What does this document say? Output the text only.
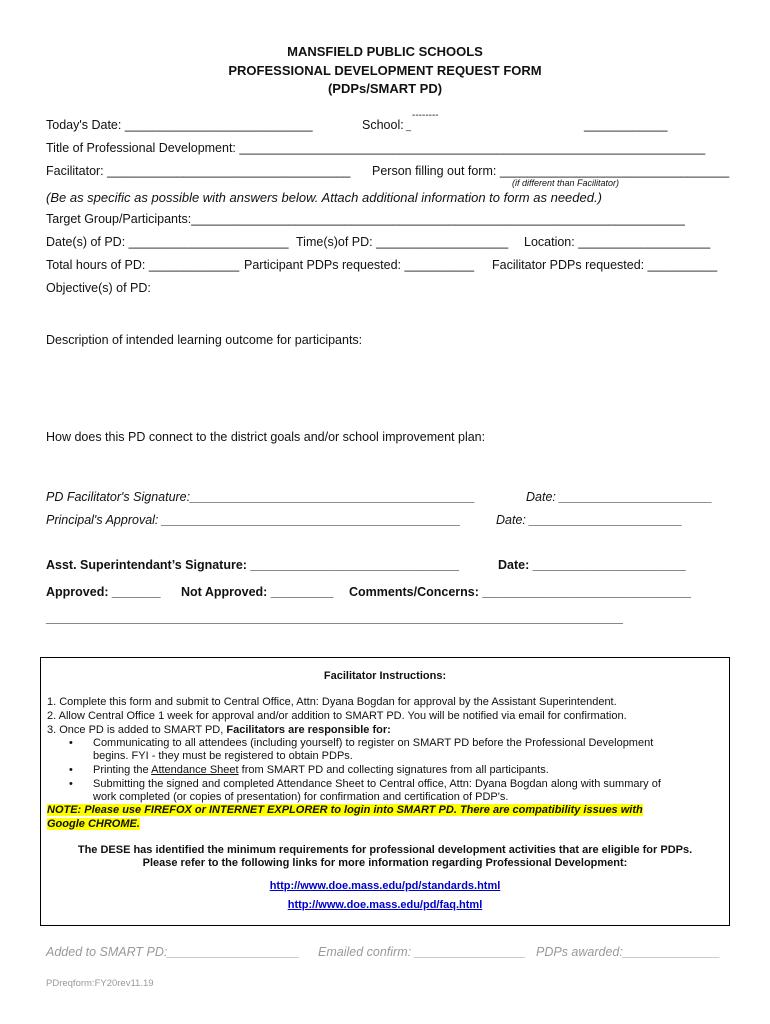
MANSFIELD PUBLIC SCHOOLS
PROFESSIONAL DEVELOPMENT REQUEST FORM
(PDPs/SMART PD)
Today's Date: ___________________________
--------
School: _	____________
Title of Professional Development: ___________________________________________________________________
Facilitator: ___________________________________ Person filling out form: _________________________________
(if different than Facilitator)
(Be as specific as possible with answers below. Attach additional information to form as needed.)
Target Group/Participants:_______________________________________________________________________
Date(s) of PD: _______________________ Time(s)of PD: ___________________ Location: ___________________
Total hours of PD: _____________ Participant PDPs requested: __________ Facilitator PDPs requested: __________
Objective(s) of PD:
Description of intended learning outcome for participants:
How does this PD connect to the district goals and/or school improvement plan:
PD Facilitator's Signature:_________________________________________	Date: ______________________
Principal's Approval: ___________________________________________	Date: ______________________
Asst. Superintendant’s Signature: ______________________________	Date: ______________________
Approved: _______ Not Approved: _________ Comments/Concerns: ______________________________
________________________________________________________________________________________
Facilitator Instructions:
1. Complete this form and submit to Central Office, Attn: Dyana Bogdan for approval by the Assistant Superintendent.
2. Allow Central Office 1 week for approval and/or addition to SMART PD. You will be notified via email for confirmation.
3. Once PD is added to SMART PD, Facilitators are responsible for:
• Communicating to all attendees (including yourself) to register on SMART PD before the Professional Development
begins. FYI - they must be registered to obtain PDPs.
• Printing the Attendance Sheet from SMART PD and collecting signatures from all participants.
• Submitting the signed and completed Attendance Sheet to Central office, Attn: Dyana Bogdan along with summary of
work completed (or copies of presentation) for confirmation and certification of PDP's.
NOTE: Please use FIREFOX or INTERNET EXPLORER to login into SMART PD. There are compatibility issues with
Google CHROME.
The DESE has identified the minimum requirements for professional development activities that are eligible for PDPs.
Please refer to the following links for more information regarding Professional Development:
http://www.doe.mass.edu/pd/standards.html
http://www.doe.mass.edu/pd/faq.html
Added to SMART PD:___________________ Emailed confirm: ________________ PDPs awarded:______________
PDreqform:FY20rev11.19
